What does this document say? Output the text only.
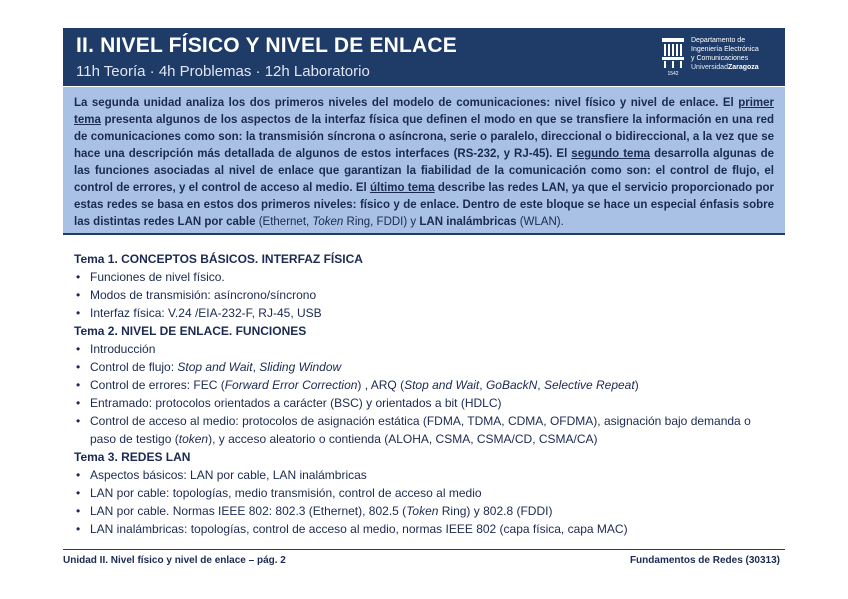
II. NIVEL FÍSICO Y NIVEL DE ENLACE
11h Teoría · 4h Problemas · 12h Laboratorio	1542
Departamento de
Ingeniería Electrónica
y Comunicaciones
UniversidadZaragoza

La segunda unidad analiza los dos primeros niveles del modelo de comunicaciones: nivel físico y nivel de enlace. El primer tema presenta algunos de los aspectos de la interfaz física que definen el modo en que se transfiere la información en una red de comunicaciones como son: la transmisión síncrona o asíncrona, serie o paralelo, direccional o bidireccional, a la vez que se hace una descripción más detallada de algunos de estos interfaces (RS-232, y RJ-45). El segundo tema desarrolla algunas de las funciones asociadas al nivel de enlace que garantizan la fiabilidad de la comunicación como son: el control de flujo, el control de errores, y el control de acceso al medio. El último tema describe las redes LAN, ya que el servicio proporcionado por estas redes se basa en estos dos primeros niveles: físico y de enlace. Dentro de este bloque se hace un especial énfasis sobre las distintas redes LAN por cable (Ethernet, Token Ring, FDDI) y LAN inalámbricas (WLAN).

Tema 1. CONCEPTOS BÁSICOS. INTERFAZ FÍSICA
• Funciones de nivel físico.
• Modos de transmisión: asíncrono/síncrono
• Interfaz física: V.24 /EIA-232-F, RJ-45, USB
Tema 2. NIVEL DE ENLACE. FUNCIONES
• Introducción
• Control de flujo: Stop and Wait, Sliding Window
• Control de errores: FEC (Forward Error Correction) , ARQ (Stop and Wait, GoBackN, Selective Repeat)
• Entramado: protocolos orientados a carácter (BSC) y orientados a bit (HDLC)
• Control de acceso al medio: protocolos de asignación estática (FDMA, TDMA, CDMA, OFDMA), asignación bajo demanda o paso de testigo (token), y acceso aleatorio o contienda (ALOHA, CSMA, CSMA/CD, CSMA/CA)
Tema 3. REDES LAN
• Aspectos básicos: LAN por cable, LAN inalámbricas
• LAN por cable: topologías, medio transmisión, control de acceso al medio
• LAN por cable. Normas IEEE 802: 802.3 (Ethernet), 802.5 (Token Ring) y 802.8 (FDDI)
• LAN inalámbricas: topologías, control de acceso al medio, normas IEEE 802 (capa física, capa MAC)
Unidad II. Nivel físico y nivel de enlace – pág. 2	Fundamentos de Redes (30313)
